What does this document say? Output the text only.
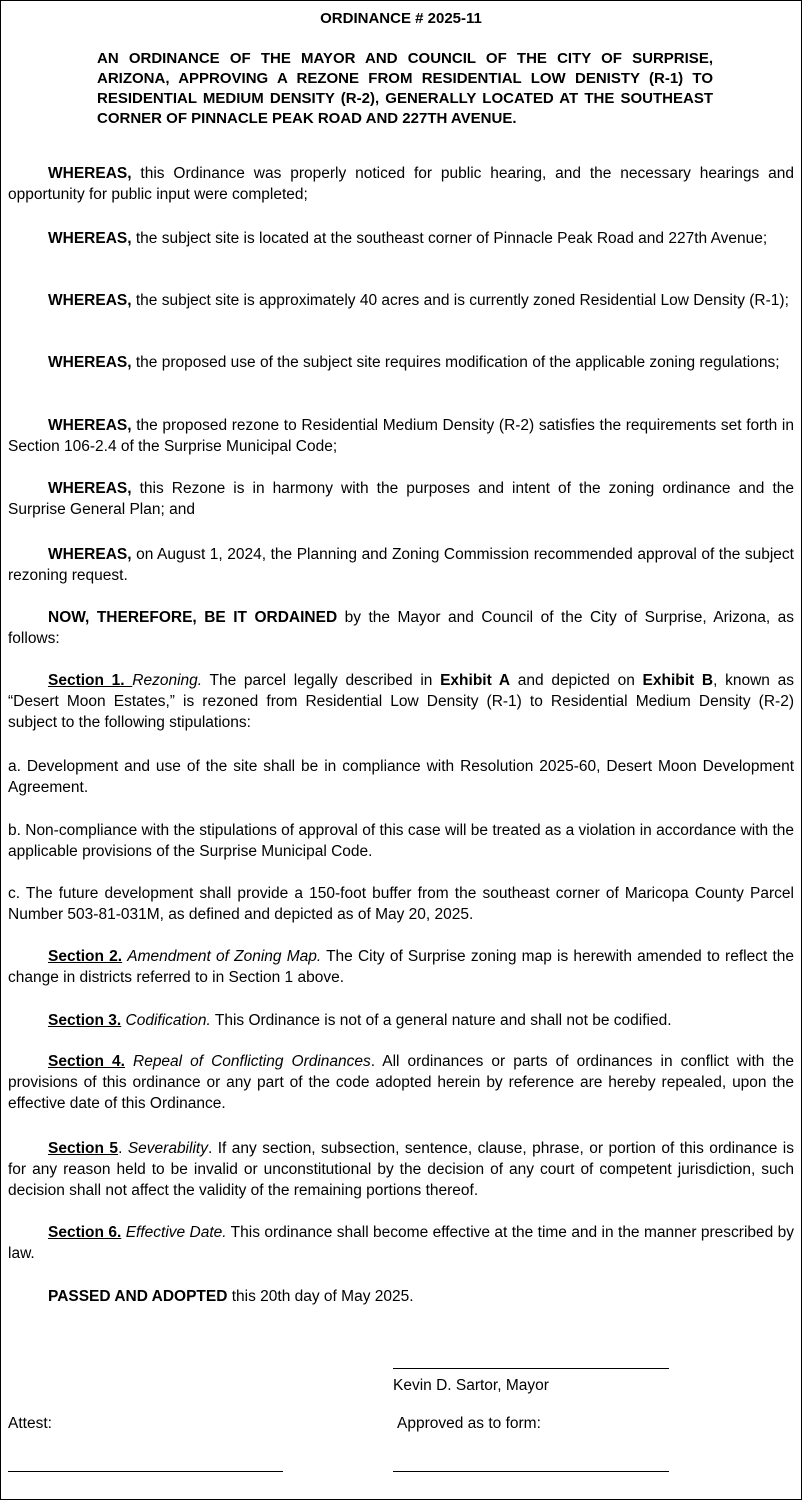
ORDINANCE # 2025-11
AN ORDINANCE OF THE MAYOR AND COUNCIL OF THE CITY OF SURPRISE, ARIZONA, APPROVING A REZONE FROM RESIDENTIAL LOW DENISTY (R-1) TO RESIDENTIAL MEDIUM DENSITY (R-2), GENERALLY LOCATED AT THE SOUTHEAST CORNER OF PINNACLE PEAK ROAD AND 227TH AVENUE.

WHEREAS, this Ordinance was properly noticed for public hearing, and the necessary hearings and opportunity for public input were completed;

WHEREAS, the subject site is located at the southeast corner of Pinnacle Peak Road and 227th Avenue;

WHEREAS, the subject site is approximately 40 acres and is currently zoned Residential Low Density (R-1);

WHEREAS, the proposed use of the subject site requires modification of the applicable zoning regulations;

WHEREAS, the proposed rezone to Residential Medium Density (R-2) satisfies the requirements set forth in Section 106-2.4 of the Surprise Municipal Code;

WHEREAS, this Rezone is in harmony with the purposes and intent of the zoning ordinance and the Surprise General Plan; and

WHEREAS, on August 1, 2024, the Planning and Zoning Commission recommended approval of the subject rezoning request.

NOW, THEREFORE, BE IT ORDAINED by the Mayor and Council of the City of Surprise, Arizona, as follows:

Section 1. Rezoning. The parcel legally described in Exhibit A and depicted on Exhibit B, known as “Desert Moon Estates,” is rezoned from Residential Low Density (R-1) to Residential Medium Density (R-2) subject to the following stipulations:

a. Development and use of the site shall be in compliance with Resolution 2025-60, Desert Moon Development Agreement.

b. Non-compliance with the stipulations of approval of this case will be treated as a violation in accordance with the applicable provisions of the Surprise Municipal Code.

c. The future development shall provide a 150-foot buffer from the southeast corner of Maricopa County Parcel Number 503-81-031M, as defined and depicted as of May 20, 2025.

Section 2. Amendment of Zoning Map. The City of Surprise zoning map is herewith amended to reflect the change in districts referred to in Section 1 above.

Section 3. Codification. This Ordinance is not of a general nature and shall not be codified.

Section 4. Repeal of Conflicting Ordinances. All ordinances or parts of ordinances in conflict with the provisions of this ordinance or any part of the code adopted herein by reference are hereby repealed, upon the effective date of this Ordinance.

Section 5. Severability. If any section, subsection, sentence, clause, phrase, or portion of this ordinance is for any reason held to be invalid or unconstitutional by the decision of any court of competent jurisdiction, such decision shall not affect the validity of the remaining portions thereof.

Section 6. Effective Date. This ordinance shall become effective at the time and in the manner prescribed by law.

PASSED AND ADOPTED this 20th day of May 2025.

Kevin D. Sartor, Mayor

Attest:	Approved as to form:
